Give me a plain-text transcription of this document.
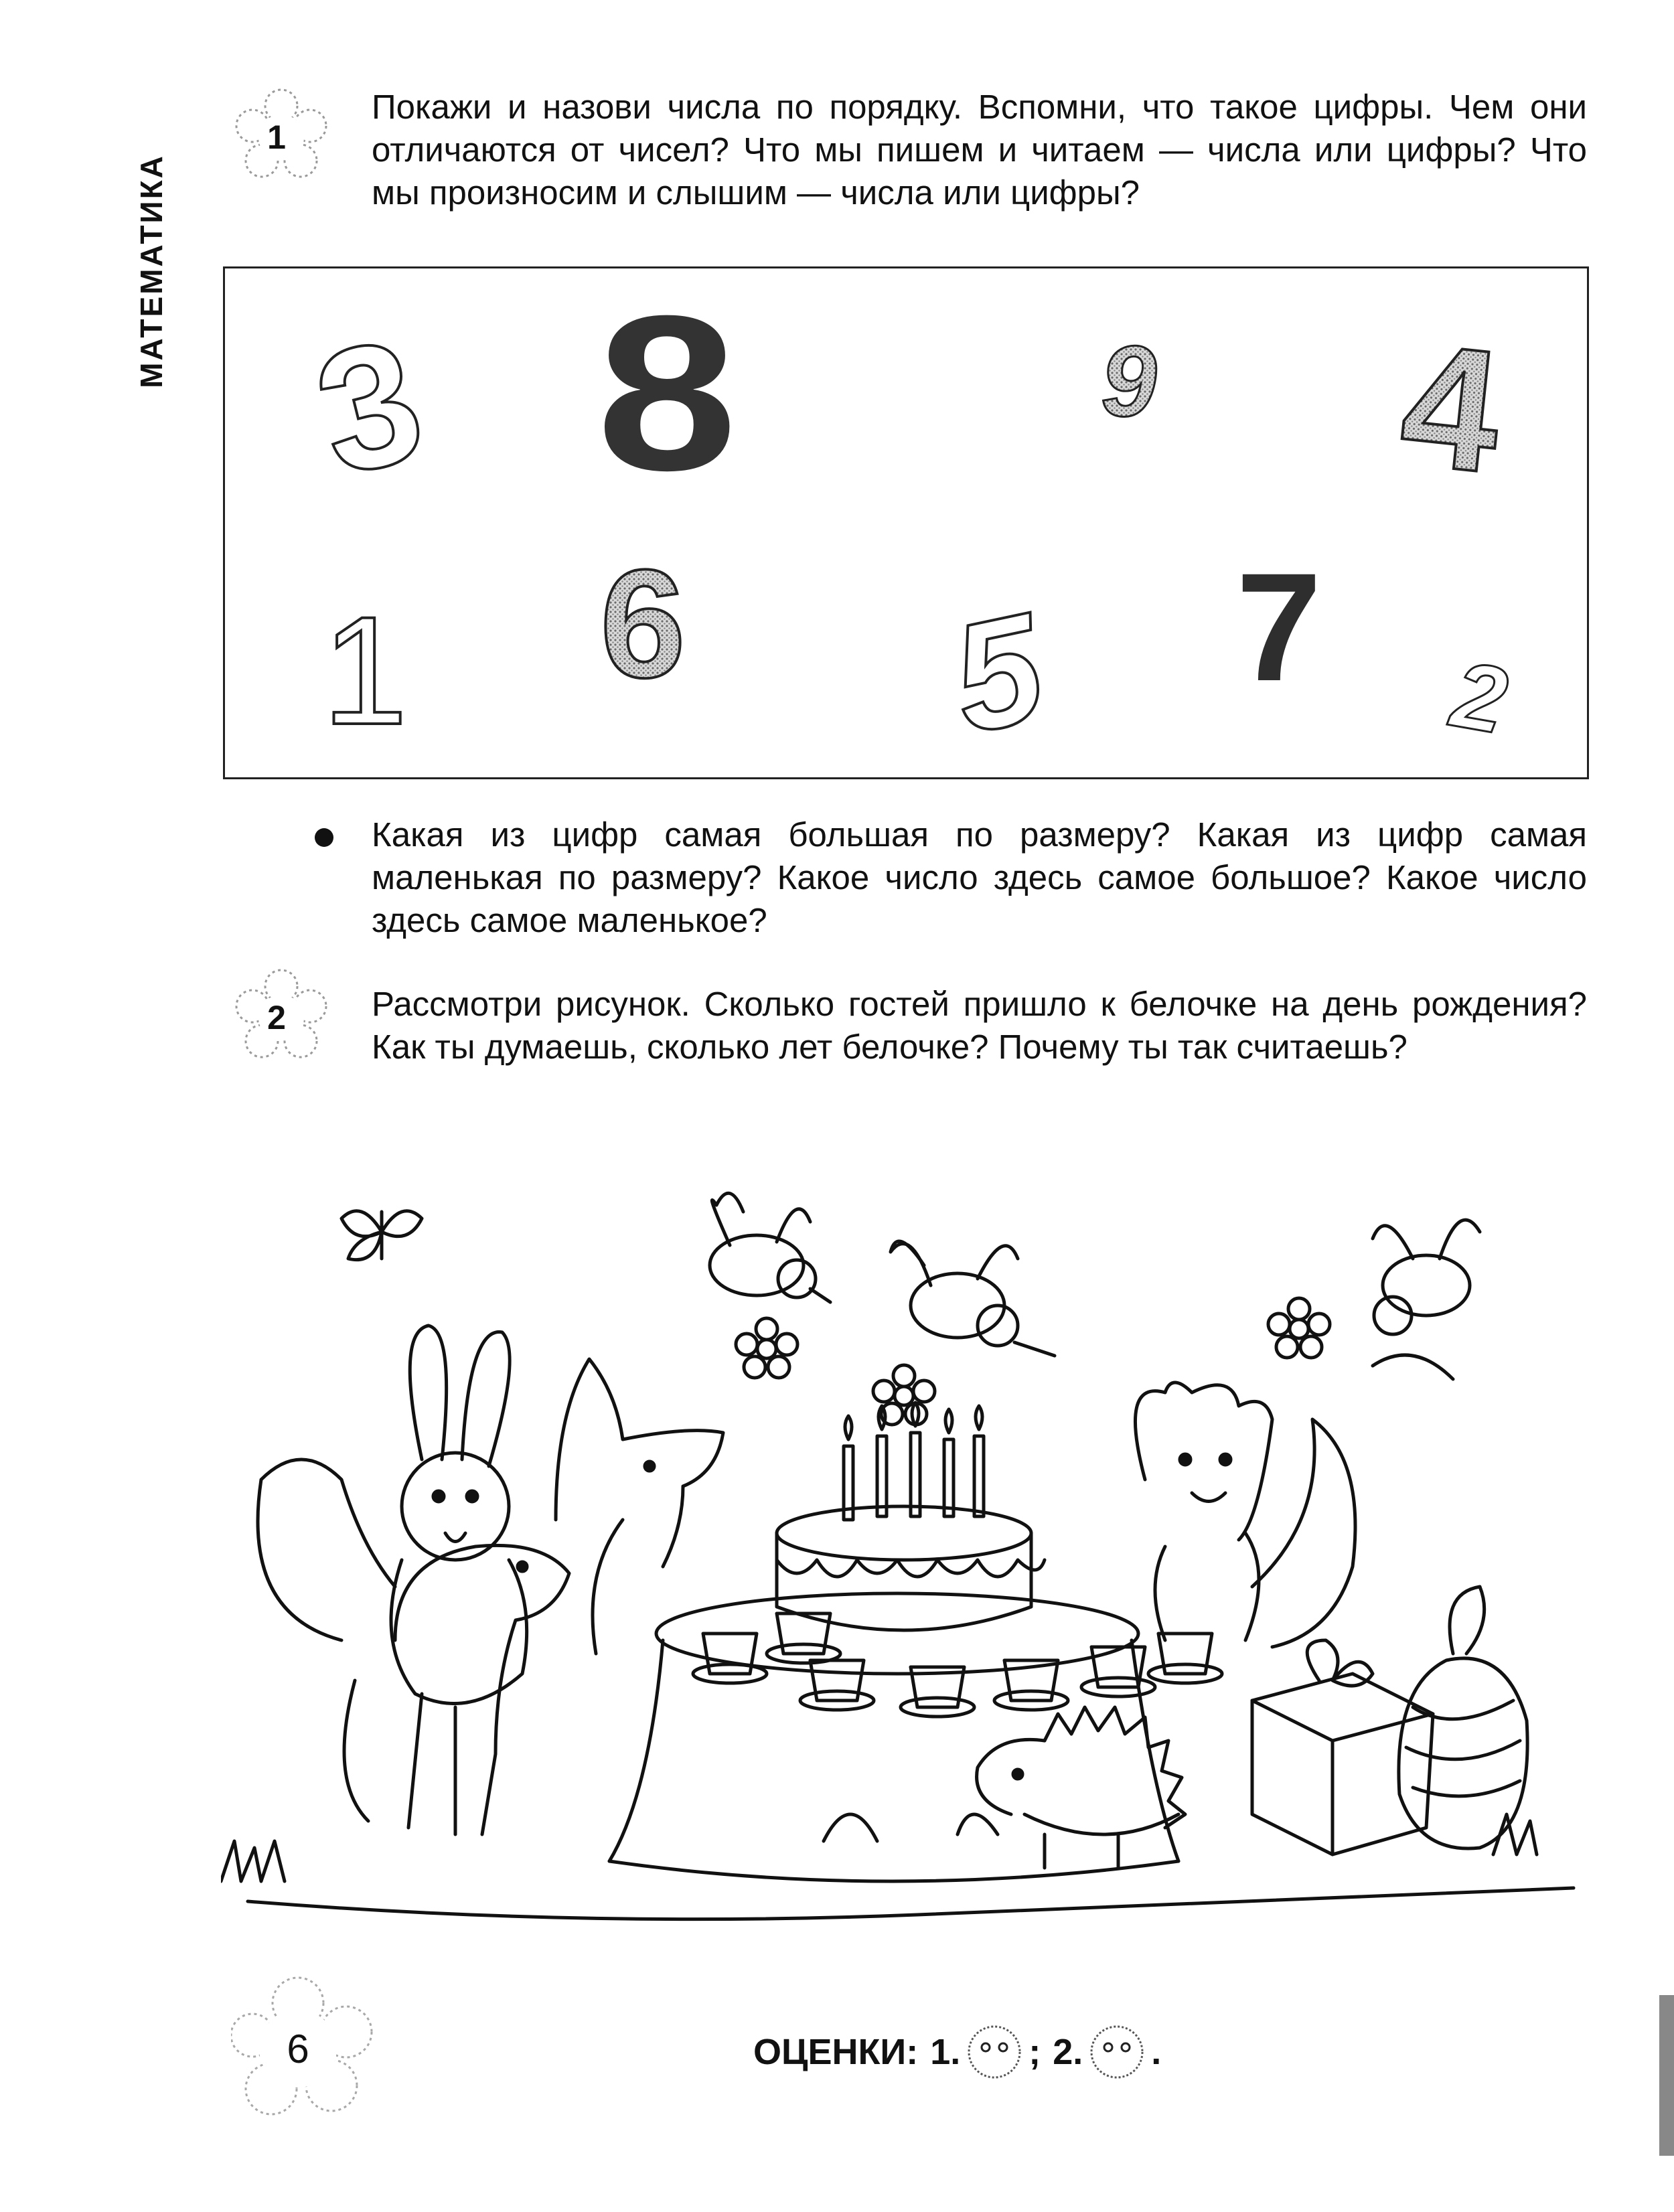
МАТЕМАТИКА
1

Покажи и назови числа по порядку. Вспомни, что такое цифры. Чем они отличаются от чисел? Что мы пишем и читаем — числа или цифры? Что мы произносим и слышим — числа или цифры?

3 8	9 4
1 6 5 7 2

Какая из цифр самая большая по размеру? Какая из цифр самая маленькая по размеру? Какое число здесь самое большое? Какое число здесь самое маленькое?

2	Рассмотри рисунок. Сколько гостей пришло к белочке на день рождения? Как ты думаешь, сколько лет белочке? Почему ты так считаешь?

6	ОЦЕНКИ: 1. ; 2. .
